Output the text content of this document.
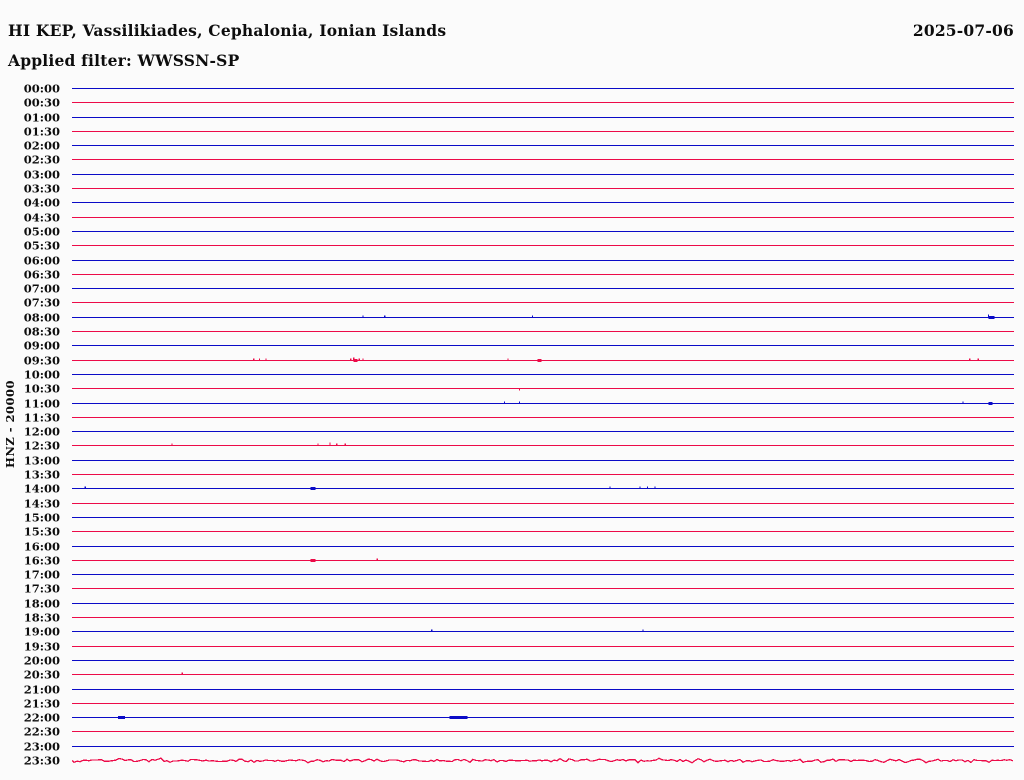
HI KEP, Vassilikiades, Cephalonia, Ionian Islands	2025-07-06
Applied filter: WWSSN-SP
HNZ - 20000
00:00
00:30
01:00
01:30
02:00
02:30
03:00
03:30
04:00
04:30
05:00
05:30
06:00
06:30
07:00
07:30
08:00
08:30
09:00
09:30
10:00
10:30
11:00
11:30
12:00
12:30
13:00
13:30
14:00
14:30
15:00
15:30
16:00
16:30
17:00
17:30
18:00
18:30
19:00
19:30
20:00
20:30
21:00
21:30
22:00
22:30
23:00
23:30
